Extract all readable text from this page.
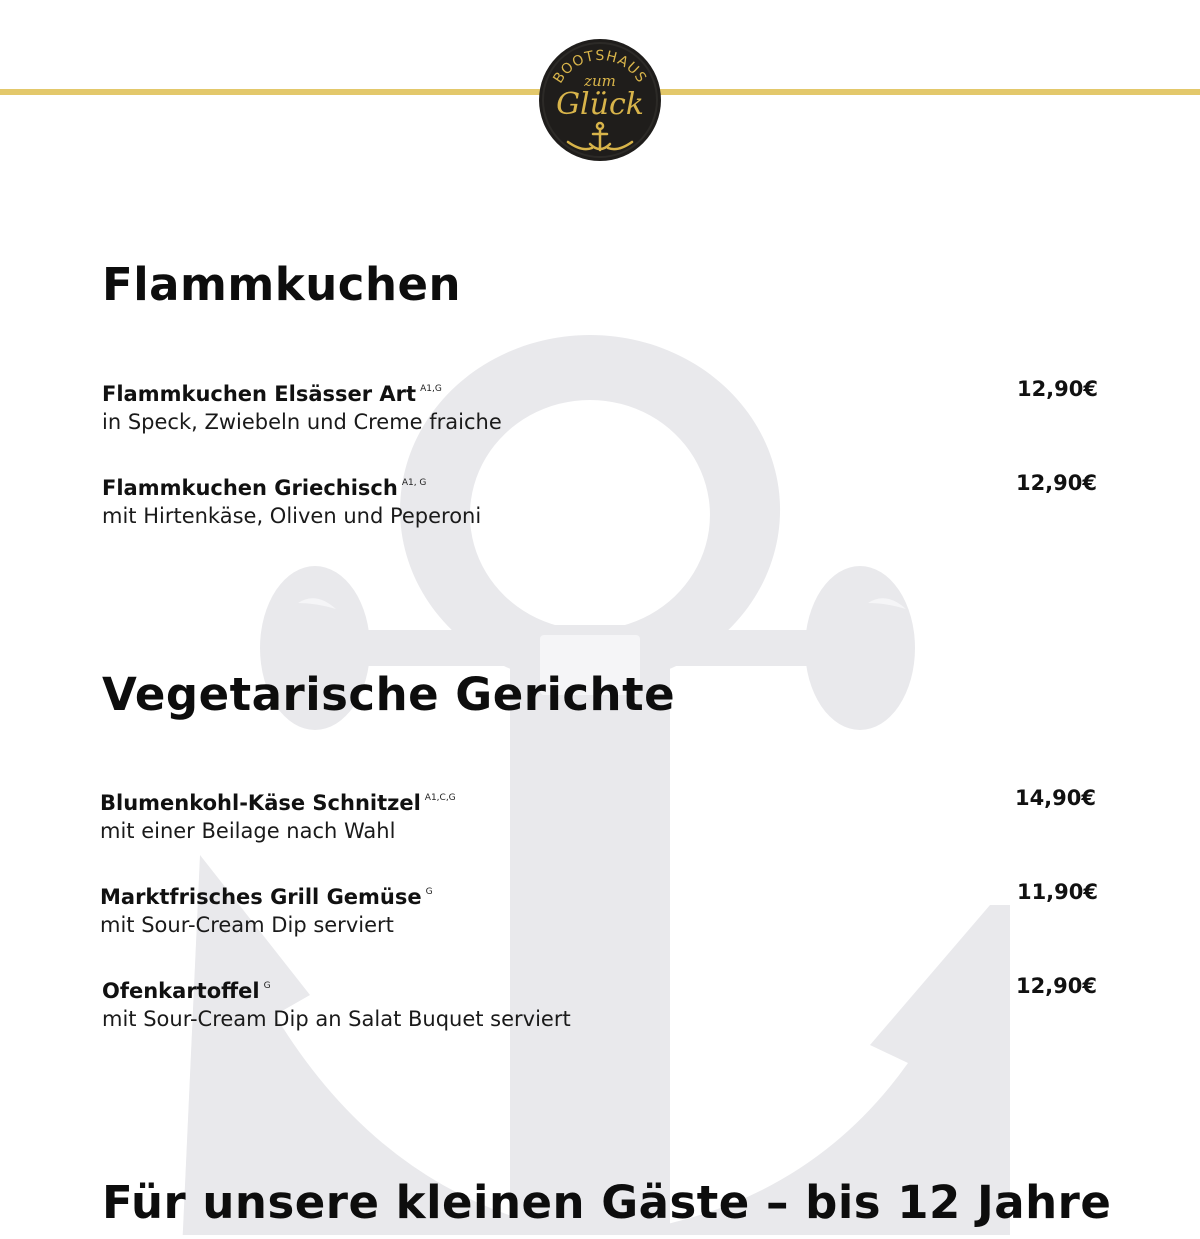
BOOTSHAUS
zum
Glück
Flammkuchen
Flammkuchen Elsässer Art $^{A1,G}$
in Speck, Zwiebeln und Creme fraiche
12,90€
Flammkuchen Griechisch $^{A1, G}$
mit Hirtenkäse, Oliven und Peperoni
12,90€
Vegetarische Gerichte
Blumenkohl-Käse Schnitzel $^{A1,C,G}$
mit einer Beilage nach Wahl
14,90€
Marktfrisches Grill Gemüse $^G$
mit Sour-Cream Dip serviert
11,90€
Ofenkartoffel $^G$
mit Sour-Cream Dip an Salat Buquet serviert
12,90€
Für unsere kleinen Gäste – bis 12 Jahre
